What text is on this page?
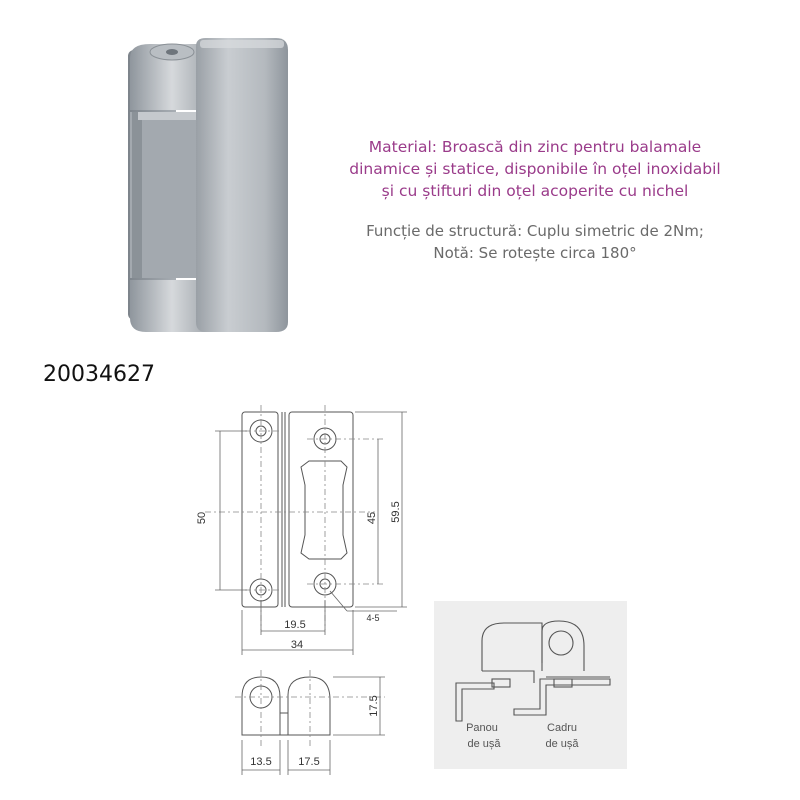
Material: Broască din zinc pentru balamale
dinamice și statice, disponibile în oțel inoxidabil
și cu știfturi din oțel acoperite cu nichel
Funcție de structură: Cuplu simetric de 2Nm;
Notă: Se rotește circa 180°
20034627
50	45 59.5
19.5
34
4-5
17.5
13.5 17.5
Panou
de ușă
Cadru
de ușă
